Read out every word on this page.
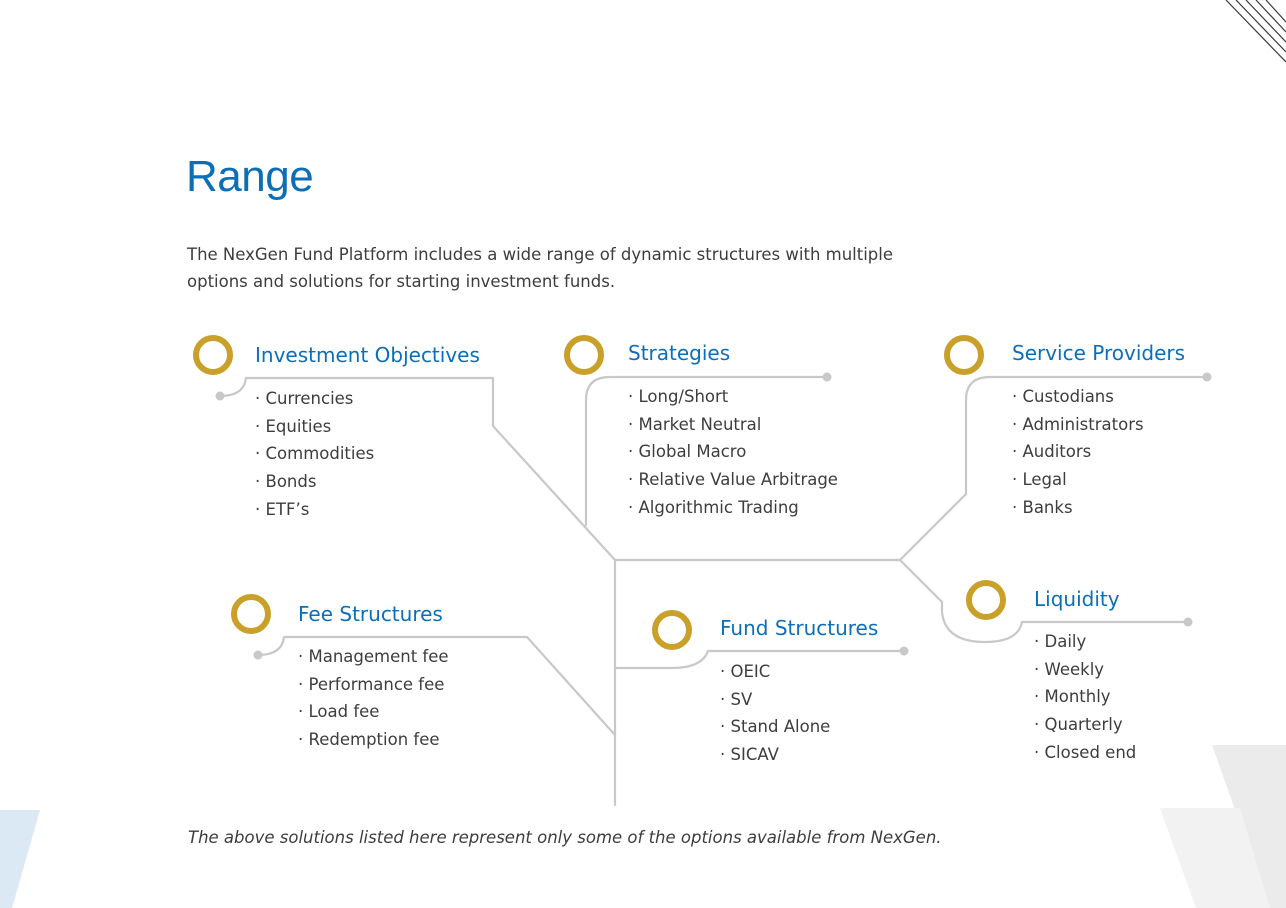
Range

The NexGen Fund Platform includes a wide range of dynamic structures with multiple options and solutions for starting investment funds.

Investment Objectives
· Currencies
· Equities
· Commodities
· Bonds
· ETF’s
Strategies
· Long/Short
· Market Neutral
· Global Macro
· Relative Value Arbitrage
· Algorithmic Trading
Service Providers
· Custodians
· Administrators
· Auditors
· Legal
· Banks
Fee Structures
· Management fee
· Performance fee
· Load fee
· Redemption fee
Fund Structures
· OEIC
· SV
· Stand Alone
· SICAV
Liquidity
· Daily
· Weekly
· Monthly
· Quarterly
· Closed end

The above solutions listed here represent only some of the options available from NexGen.
